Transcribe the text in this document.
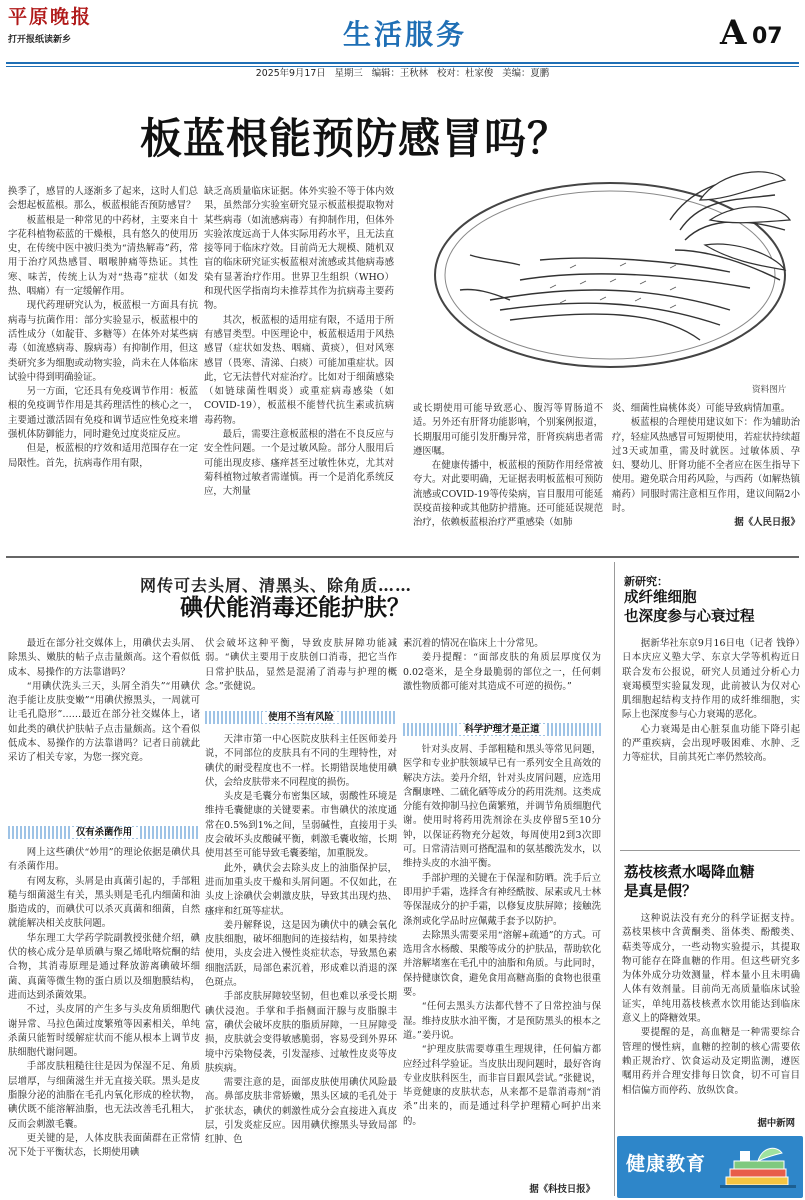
平原晚报
打开报纸读新乡	生活服务	A 07
2025年9月17日 星期三 编辑：王秋林 校对：杜家俊 美编：夏鹏
板蓝根能预防感冒吗？
资料图片

换季了，感冒的人逐渐多了起来，这时人们总会想起板蓝根。那么，板蓝根能否预防感冒？

板蓝根是一种常见的中药材，主要来自十字花科植物菘蓝的干燥根，具有悠久的使用历史，在传统中医中被归类为“清热解毒”药，常用于治疗风热感冒、咽喉肿痛等热证。其性寒、味苦，传统上认为对“热毒”症状（如发热、咽痛）有一定缓解作用。

现代药理研究认为，板蓝根一方面具有抗病毒与抗菌作用：部分实验显示，板蓝根中的活性成分（如靛苷、多糖等）在体外对某些病毒（如流感病毒、腺病毒）有抑制作用，但这类研究多为细胞或动物实验，尚未在人体临床试验中得到明确验证。

另一方面，它还具有免疫调节作用：板蓝根的免疫调节作用是其药理活性的核心之一，主要通过激活固有免疫和调节适应性免疫来增强机体防御能力，同时避免过度炎症反应。

但是，板蓝根的疗效和适用范围存在一定局限性。首先，抗病毒作用有限，

缺乏高质量临床证据。体外实验不等于体内效果，虽然部分实验室研究显示板蓝根提取物对某些病毒（如流感病毒）有抑制作用，但体外实验浓度远高于人体实际用药水平，且无法直接等同于临床疗效。目前尚无大规模、随机双盲的临床研究证实板蓝根对流感或其他病毒感染有显著治疗作用。世界卫生组织（WHO）和现代医学指南均未推荐其作为抗病毒主要药物。

其次，板蓝根的适用症有限，不适用于所有感冒类型。中医理论中，板蓝根适用于风热感冒（症状如发热、咽痛、黄痰），但对风寒感冒（畏寒、清涕、白痰）可能加重症状。因此，它无法替代对症治疗。比如对于细菌感染（如链球菌性咽炎）或重症病毒感染（如COVID-19），板蓝根不能替代抗生素或抗病毒药物。

最后，需要注意板蓝根的潜在不良反应与安全性问题。一个是过敏风险。部分人服用后可能出现皮疹、瘙痒甚至过敏性休克，尤其对菊科植物过敏者需谨慎。再一个是消化系统反应，大剂量

或长期使用可能导致恶心、腹泻等胃肠道不适。另外还有肝肾功能影响，个别案例报道，长期服用可能引发肝酶异常，肝肾疾病患者需遵医嘱。

在健康传播中，板蓝根的预防作用经常被夸大。对此要明确，无证据表明板蓝根可预防流感或COVID-19等传染病，盲目服用可能延误疫苗接种或其他防护措施。还可能延误规范治疗，依赖板蓝根治疗严重感染（如肺

炎、细菌性扁桃体炎）可能导致病情加重。

板蓝根的合理使用建议如下：作为辅助治疗，轻症风热感冒可短期使用，若症状持续超过3天或加重，需及时就医。过敏体质、孕妇、婴幼儿、肝肾功能不全者应在医生指导下使用。避免联合用药风险，与西药（如解热镇痛药）同服时需注意相互作用，建议间隔2小时。

据《人民日报》
网传可去头屑、清黑头、除角质……
碘伏能消毒还能护肤？

最近在部分社交媒体上，用碘伏去头屑、除黑头、嫩肤的帖子点击量颇高。这个看似低成本、易操作的方法靠谱吗？

“用碘伏洗头三天，头屑全消失”“用碘伏泡手能让皮肤变嫩”“用碘伏擦黑头，一周就可让毛孔隐形”……最近在部分社交媒体上，诸如此类的碘伏护肤帖子点击量颇高。这个看似低成本、易操作的方法靠谱吗？记者日前就此采访了相关专家，为您一探究竟。

仅有杀菌作用

网上这些碘伏“妙用”的理论依据是碘伏具有杀菌作用。

有网友称，头屑是由真菌引起的，手部粗糙与细菌滋生有关，黑头则是毛孔内细菌和油脂造成的，而碘伏可以杀灭真菌和细菌，自然就能解决相关皮肤问题。

华东理工大学药学院副教授张健介绍，碘伏的核心成分是单质碘与聚乙烯吡咯烷酮的结合物，其消毒原理是通过释放游离碘破坏细菌、真菌等微生物的蛋白质以及细胞膜结构，进而达到杀菌效果。

不过，头皮屑的产生多与头皮角质细胞代谢异常、马拉色菌过度繁殖等因素相关，单纯杀菌只能暂时缓解症状而不能从根本上调节皮肤细胞代谢问题。

手部皮肤粗糙往往是因为保湿不足、角质层增厚，与细菌滋生并无直接关联。黑头是皮脂腺分泌的油脂在毛孔内氧化形成的栓状物，碘伏既不能溶解油脂，也无法改善毛孔粗大，反而会刺激毛囊。

更关键的是，人体皮肤表面菌群在正常情况下处于平衡状态，长期使用碘

伏会破坏这种平衡，导致皮肤屏障功能减弱。“碘伏主要用于皮肤创口消毒，把它当作日常护肤品，显然是混淆了消毒与护理的概念。”张健说。

使用不当有风险

天津市第一中心医院皮肤科主任医师姜丹说，不同部位的皮肤具有不同的生理特性，对碘伏的耐受程度也不一样。长期错误地使用碘伏，会给皮肤带来不同程度的损伤。

头皮是毛囊分布密集区域，弱酸性环境是维持毛囊健康的关键要素。市售碘伏的浓度通常在0.5%到1%之间，呈弱碱性，直接用于头皮会破坏头皮酸碱平衡，刺激毛囊收缩，长期使用甚至可能导致毛囊萎缩，加重脱发。

此外，碘伏会去除头皮上的油脂保护层，进而加重头皮干燥和头屑问题。不仅如此，在头皮上涂碘伏会刺激皮肤，导致其出现灼热、瘙痒和红斑等症状。

姜丹解释说，这是因为碘伏中的碘会氧化皮肤细胞，破坏细胞间的连接结构，如果持续使用，头皮会进入慢性炎症状态，导致黑色素细胞活跃，局部色素沉着，形成难以消退的深色斑点。

手部皮肤屏障较坚韧，但也难以承受长期碘伏浸泡。手掌和手指侧面汗腺与皮脂腺丰富，碘伏会破坏皮肤的脂质屏障，一旦屏障受损，皮肤就会变得敏感脆弱，容易受到外界环境中污染物侵袭，引发湿疹、过敏性皮炎等皮肤疾病。

需要注意的是，面部皮肤使用碘伏风险最高。鼻部皮肤非常娇嫩，黑头区域的毛孔处于扩张状态，碘伏的刺激性成分会直接进入真皮层，引发炎症反应。因用碘伏擦黑头导致局部红肿、色

素沉着的情况在临床上十分常见。

姜丹提醒：“面部皮肤的角质层厚度仅为0.02毫米，是全身最脆弱的部位之一，任何刺激性物质都可能对其造成不可逆的损伤。”

科学护理才是正道

针对头皮屑、手部粗糙和黑头等常见问题，医学和专业护肤领域早已有一系列安全且高效的解决方法。姜丹介绍，针对头皮屑问题，应选用含酮康唑、二硫化硒等成分的药用洗剂。这类成分能有效抑制马拉色菌繁殖，并调节角质细胞代谢。使用时将药用洗剂涂在头皮停留5至10分钟，以保证药物充分起效，每周使用2到3次即可。日常清洁则可搭配温和的氨基酸洗发水，以维持头皮的水油平衡。

手部护理的关键在于保湿和防晒。洗手后立即用护手霜，选择含有神经酰胺、尿素或凡士林等保湿成分的护手霜，以修复皮肤屏障；接触洗涤剂或化学品时应佩戴手套予以防护。

去除黑头需要采用“溶解+疏通”的方式。可选用含水杨酸、果酸等成分的护肤品，帮助软化并溶解堵塞在毛孔中的油脂和角质。与此同时，保持健康饮食，避免食用高糖高脂的食物也很重要。

“任何去黑头方法都代替不了日常控油与保湿。维持皮肤水油平衡，才是预防黑头的根本之道。”姜丹说。

“护理皮肤需要尊重生理规律，任何偏方都应经过科学验证。当皮肤出现问题时，最好咨询专业皮肤科医生，而非盲目跟风尝试。”张健说，毕竟健康的皮肤状态，从来都不是靠消毒剂“消杀”出来的，而是通过科学护理精心呵护出来的。

据《科技日报》
新研究：
成纤维细胞
也深度参与心衰过程

据新华社东京9月16日电（记者 钱铮）日本庆应义塾大学、东京大学等机构近日联合发布公报说，研究人员通过分析心力衰竭模型实验鼠发现，此前被认为仅对心肌细胞起结构支持作用的成纤维细胞，实际上也深度参与心力衰竭的恶化。

心力衰竭是由心脏泵血功能下降引起的严重疾病，会出现呼吸困难、水肿、乏力等症状，目前其死亡率仍然较高。

荔枝核煮水喝降血糖
是真是假？

这种说法没有充分的科学证据支持。荔枝果核中含黄酮类、甾体类、酚酸类、萜类等成分，一些动物实验提示，其提取物可能存在降血糖的作用。但这些研究多为体外成分功效测量，样本量小且未明确人体有效剂量。目前尚无高质量临床试验证实，单纯用荔枝核煮水饮用能达到临床意义上的降糖效果。

要提醒的是，高血糖是一种需要综合管理的慢性病，血糖的控制的核心需要依赖正规治疗、饮食运动及定期监测，遵医嘱用药并合理安排每日饮食，切不可盲目相信偏方而停药、放纵饮食。

据中新网
健康教育
